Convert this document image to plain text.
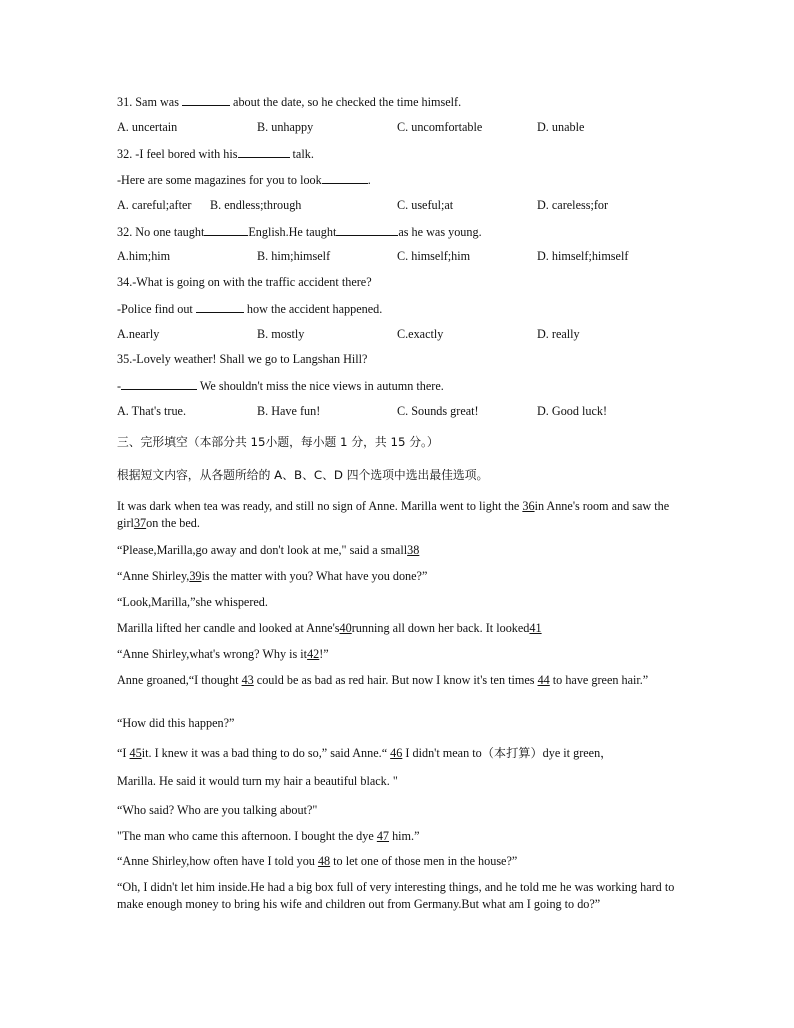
31. Sam was	about the date, so he checked the time himself.
A. uncertain	B. unhappy	C. uncomfortable	D. unable
32. -I feel bored with his	talk.
-Here are some magazines for you to look	.
A. careful;after B. endless;through	C. useful;at	D. careless;for
32. No one taught	English.He taught	as he was young.
A.him;him	B. him;himself	C. himself;him	D. himself;himself
34.-What is going on with the traffic accident there?
-Police find out	how the accident happened.
A.nearly	B. mostly	C.exactly	D. really
35.-Lovely weather! Shall we go to Langshan Hill?
-	We shouldn't miss the nice views in autumn there.
A. That's true.	B. Have fun!	C. Sounds great!	D. Good luck!
三、完形填空（本部分共 15小题，每小题 1 分，共 15 分。）
根据短文内容，从各题所给的 A、B、C、D 四个选项中选出最佳选项。
It was dark when tea was ready, and still no sign of Anne. Marilla went to light the 36in Anne's room and saw the girl37on the bed.
“Please,Marilla,go away and don't look at me," said a small38
“Anne Shirley,39is the matter with you? What have you done?”
“Look,Marilla,”she whispered.
Marilla lifted her candle and looked at Anne's40running all down her back. It looked41
“Anne Shirley,what's wrong? Why is it42!”
Anne groaned,“I thought 43 could be as bad as red hair. But now I know it's ten times 44 to have green hair.”
“How did this happen?”
“I 45it. I knew it was a bad thing to do so,” said Anne.“ 46 I didn't mean to（本打算）dye it green，
Marilla. He said it would turn my hair a beautiful black. "
“Who said? Who are you talking about?"
"The man who came this afternoon. I bought the dye 47 him.”
“Anne Shirley,how often have I told you 48 to let one of those men in the house?”
“Oh, I didn't let him inside.He had a big box full of very interesting things, and he told me he was working hard to make enough money to bring his wife and children out from Germany.But what am I going to do?”
